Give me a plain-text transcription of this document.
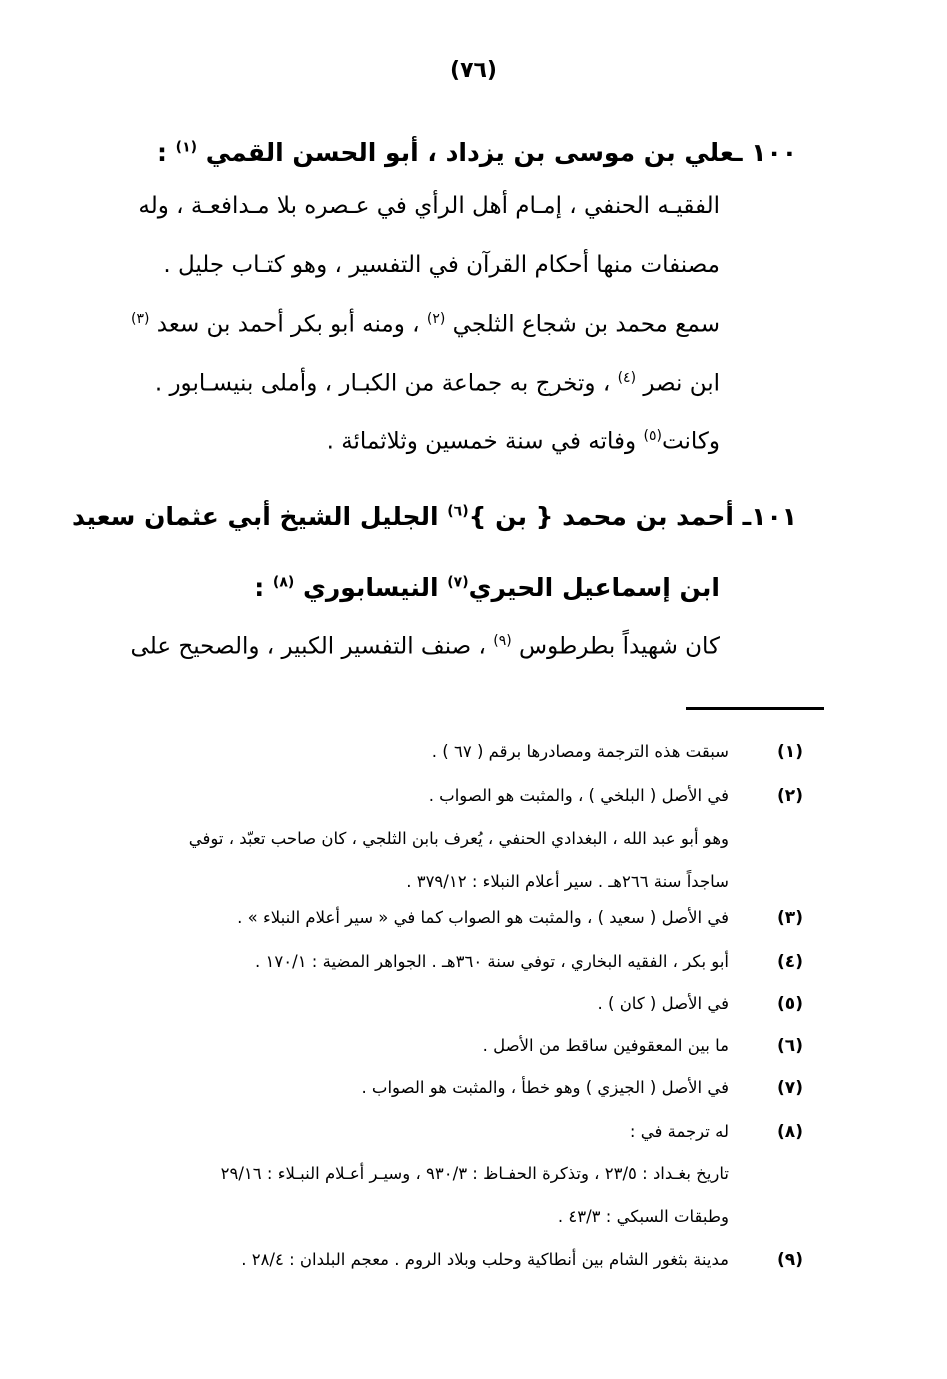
(٧٦)
١٠٠ ـعلي بن موسى بن يزداد ، أبو الحسن القمي $^{(١)}$ :
الفقيـه الحنفي ، إمـام أهل الرأي في عـصره بلا مـدافعـة ، وله
مصنفات منها أحكام القرآن في التفسير ، وهو كتـاب جليل .
سمع محمد بن شجاع الثلجي $^{(٢)}$ ، ومنه أبو بكر أحمد بن سعد $^{(٣)}$
ابن نصر $^{(٤)}$ ، وتخرج به جماعة من الكبـار ، وأملى بنيسـابور .
وكانت$^{(٥)}$ وفاته في سنة خمسين وثلاثمائة .
١٠١ـ أحمد بن محمد { بن }$^{(٦)}$ الجليل الشيخ أبي عثمان سعيد
ابن إسماعيل الحيري$^{(٧)}$ النيسابوري $^{(٨)}$ :
كان شهيداً بطرطوس $^{(٩)}$ ، صنف التفسير الكبير ، والصحيح على
(١)
سبقت هذه الترجمة ومصادرها برقم ( ٦٧ ) .
(٢)
في الأصل ( البلخي ) ، والمثبت هو الصواب .
وهو أبو عبد الله ، البغدادي الحنفي ، يُعرف بابن الثلجي ، كان صاحب تعبّد ، توفي
ساجداً سنة ٢٦٦هـ . سير أعلام النبلاء : ٣٧٩/١٢ .
(٣)
في الأصل ( سعيد ) ، والمثبت هو الصواب كما في « سير أعلام النبلاء » .
(٤)
أبو بكر ، الفقيه البخاري ، توفي سنة ٣٦٠هـ . الجواهر المضية : ١٧٠/١ .
(٥)
في الأصل ( كان ) .
(٦)
ما بين المعقوفين ساقط من الأصل .
(٧)
في الأصل ( الجيزي ) وهو خطأ ، والمثبت هو الصواب .
(٨)
له ترجمة في :
تاريخ بغـداد : ٢٣/٥ ، وتذكرة الحفـاظ : ٩٣٠/٣ ، وسيـر أعـلام النبـلاء : ٢٩/١٦
وطبقات السبكي : ٤٣/٣ .
(٩)
مدينة بثغور الشام بين أنطاكية وحلب وبلاد الروم . معجم البلدان : ٢٨/٤ .
